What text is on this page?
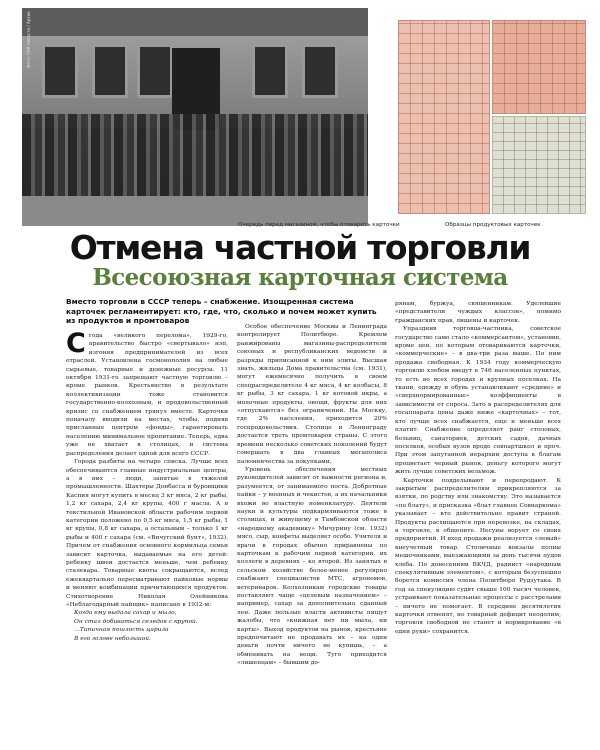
Фото: РИА Новости / Архив
Очередь перед магазином, чтобы отоварить карточки	Образцы продуктовых карточек
Отмена частной торговли
Всесоюзная карточная система

Вместо торговли в СССР теперь – снабжение. Изощренная система карточек регламентирует: кто, где, что, сколько и почем может купить из продуктов и промтоваров

С года «великого перелома», 1929-го, правительство быстро «свертывало» нэп, изгоняя предпринимателей из всех отраслей. Установлена госмонополия на любые сырьевые, товарные и денежные ресурсы. 11 октября 1931-го запрещают частную торговлю – кроме рынков. Крестьянство в результате коллективизации тоже становится государственно-колхозным, и продовольственный кризис со снабжением грянул вместе. Карточки поначалу вводили на местах, чтобы, подняв присланные центром «фонды», гарантировать населению минимальное пропитание. Теперь, едва уже не хватает в столицах, и система распределения делает одной для всего СССР.

Города разбиты на четыре списка. Лучше всех обеспечиваются главные индустриальные центры, а в них – люди, занятые в тяжелой промышленности. Шахтеры Донбасса и буровщики Каспия могут купить в месяц 3 кг мяса, 2 кг рыбы, 1,2 кг сахара, 2,4 кг крупы, 400 г масла. А в текстильной Ивановской области рабочим первой категории положено по 0,5 кг мяса, 1,5 кг рыбы, 1 кг крупы, 0,8 кг сахара, а остальным – только 1 кг рыбы и 400 г сахара (см. «Вичугский бунт», 1932). Причем от снабжения основного кормильца семьи зависит карточка, выдаваемые на его детей: ребенку швеи достается меньше, чем ребенку сталевара. Товарные квоты сокращаются, вслед ежеквартально пересматривают пайковые нормы и меняют комбинации причитающихся продуктов. Стихотворение Николая Олейникова «Неблагодарный пайщик» написано в 1932-м:

Когда ему выдали сахар и мыло,
Он стал добиваться селедок с крупой.
…Типичная пошлость царила
В его голове небольшой.

Особое обеспечение Москвы и Ленинграда контролирует Политбюро. Кремлем ранжированы магазины-распределители союзных и республиканских ведомств и разряды приписанной к ним элиты. Высшая знать, жильцы Дома правительства (см. 1931), могут ежемесячно получить в своем спецраспределителе 4 кг мяса, 4 кг колбасы, 8 кг рыбы, 3 кг сахара, 1 кг котовой икры, а молочные продукты, овощи, фрукты для них «отпускаются» без ограничений. На Москву, где 2% населения, приходится 20% госпродовольствия. Столице и Ленинграду достается треть промтоваров страны. С этого времени несколько советских поколений будут совершать в два главных мегаполиса паломничества за покупками.

Уровень обеспечения местных руководителей зависит от важности региона и, разумеется, от занимаемого поста. Добротные пайки – у военных и чекистов, а их начальники вхожи во властную номенклатуру. Деятели науки и культуры подкармливаются тоже в столицах, и живущему в Тамбовской области «народному академику» Мичурину (см. 1932) мясо, сыр, конфеты выделяет особо. Учителя и врачи в городах обычно приравнены по карточкам к рабочим первой категории, их коллеги в деревнях – ко второй. Из занятых в сельском хозяйстве более-менее регулярно снабжают специалистов МТС, агрономов, ветеринаров. Колхозникам городские товары поставляют чаще «целевым назначением» – например, сахар за дополнительно сданный лен. Даже пользые власти активисты пищут жалобы, что «книжная нет ни мыла, ни карты». Выход продуктов на рынок, крестьяне предпочитают не продавать их – на одни деньги почти ничего не купишь, – а обменивать на вещи. Туго приходится «лишенцам» – бывшим до-

рянам, буржуа, священникам. Уделевшие «представители чуждых классов», помимо гражданских прав, лишены и карточек.

Упразднив торговца-частника, советское государство само стало «коммерсантом», установив, кроме цен, по которым отовариваются карточки, «коммерческие» – в два-три раза выше. По ним продажа свободная. К 1934 году коммерческую торговлю хлебом введут в 746 населенных пунктах, то есть во всех городах и крупных поселках. На ткани, одежду и обувь устанавливают «средние» и «сверхнормированные» коэффициенты в зависимости от спроса. Зато в распределителях для госаппарата цены даже ниже «карточных» – тот, кто лучше всех снабжается, еще и меньше всех платит. Снабжение определяет ранг столовых, больниц, санаториев, детских садов, дачных поселков, особых вузов вроде совпартшкол и проч. При этом запутанной иерархии доступа к благам процветает черный рынок, деньгу которого могут жить лучше советских вельмож.

Карточки подделывают и перепродают. К закрытым распределителям прикрепляются за взятки, по родству или знакомству. Это называется «по блату», и присказка «блат главнее Совнаркома» указывает – кто действительно правит страной. Продукты расхищаются при перевозке, на складах, в торговле, в общепите. Несуны ворует со своих предприятий. И вход продажи реализуется «левый» внеучетный товар. Столичные вокзалы полны мешочниками, выезжающими за день тысячи пудов хлеба. По донесениям ВКЧД, радиист «народным спекулятивным элементом», с которым безуспешно борется комиссия члена Политбюро Рудзутака. В год за спекуляцию судят свыше 100 тысяч человек, устраивают показательные процессы с расстрелами – ничего не помогает. В середине десятилетия карточки отменят, но товарный дефицит неодолим, торговля свободной не станет и нормирование «в одни руки» сохранится.
